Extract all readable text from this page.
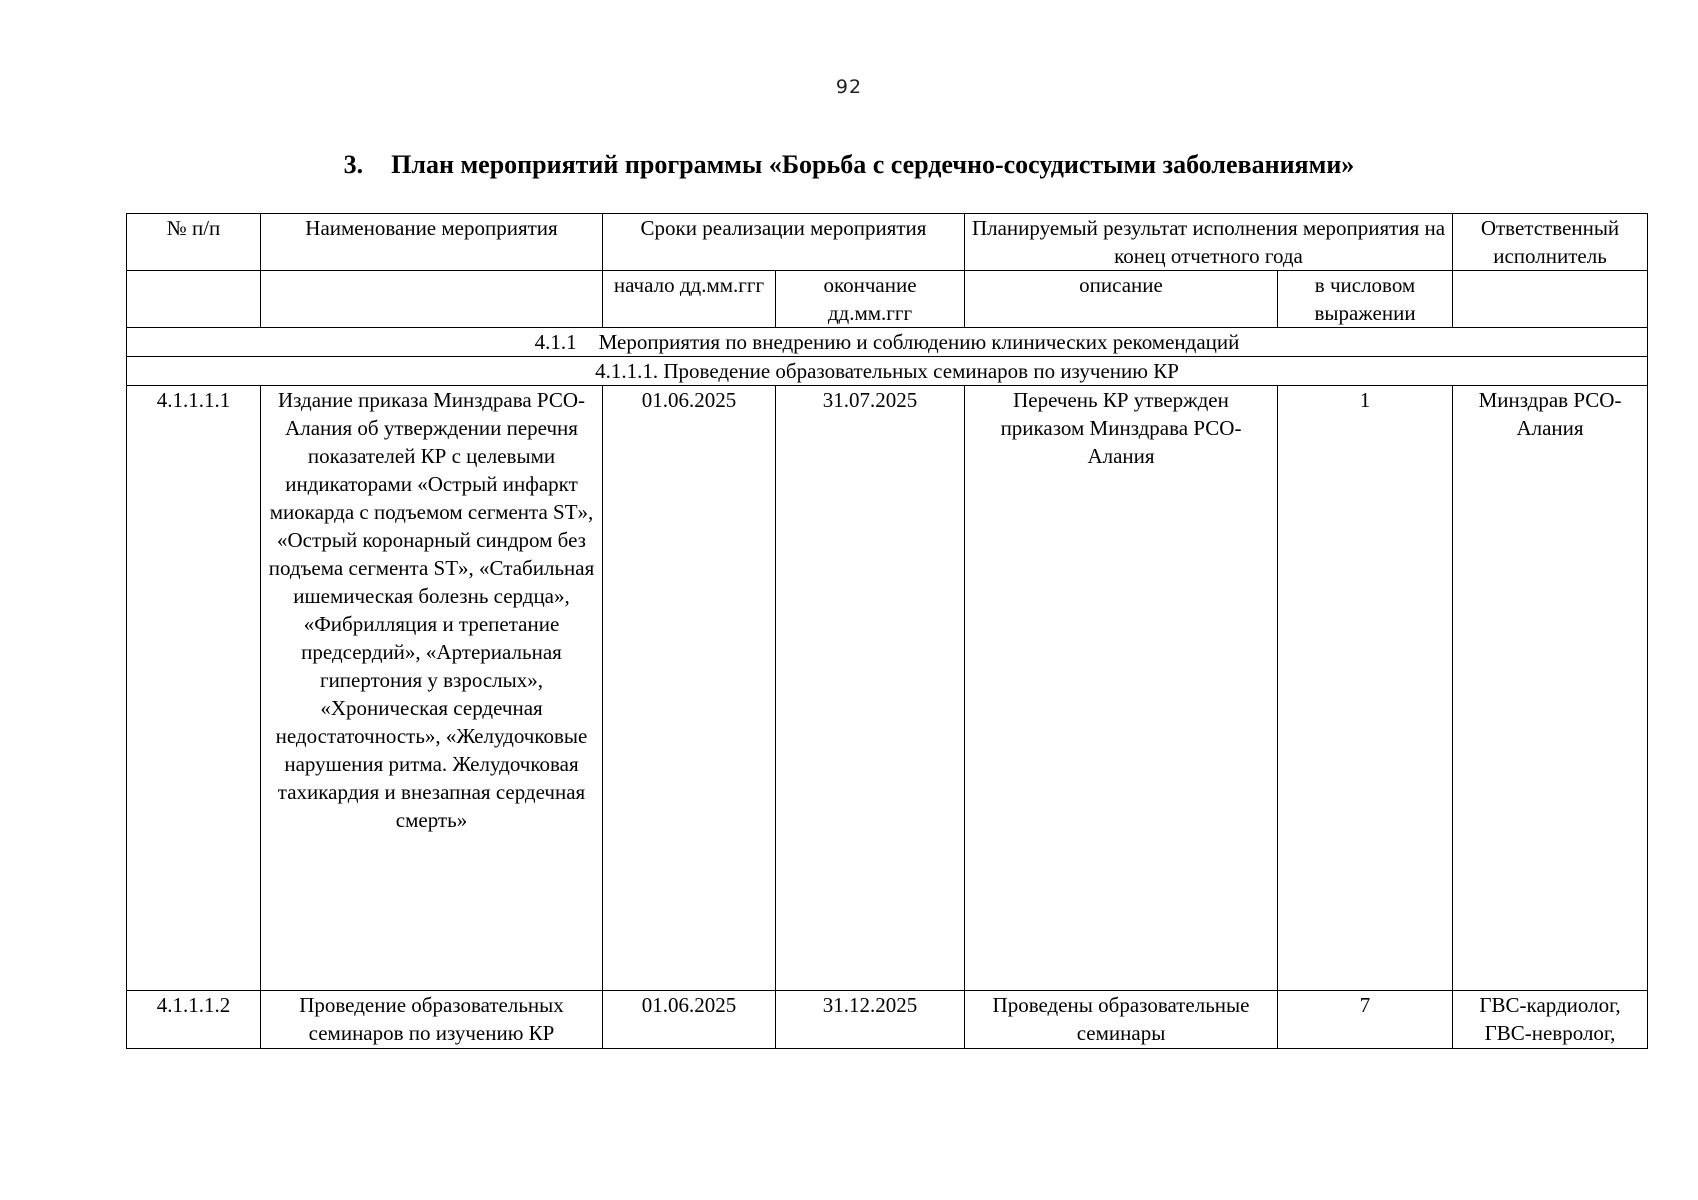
92
3. План мероприятий программы «Борьба с сердечно-сосудистыми заболеваниями»
№ п/п	Наименование мероприятия	Сроки реализации мероприятия		Планируемый результат исполнения мероприятия на конец отчетного года		Ответственный исполнитель
		начало дд.мм.ггг	окончание дд.мм.ггг	описание	в числовом выражении	
4.1.1 Мероприятия по внедрению и соблюдению клинических рекомендаций						
4.1.1.1. Проведение образовательных семинаров по изучению КР						
4.1.1.1.1	Издание приказа Минздрава РСО-Алания об утверждении перечня показателей КР с целевыми индикаторами «Острый инфаркт миокарда с подъемом сегмента ST», «Острый коронарный синдром без подъема сегмента ST», «Стабильная ишемическая болезнь сердца», «Фибрилляция и трепетание предсердий», «Артериальная гипертония у взрослых», «Хроническая сердечная недостаточность», «Желудочковые нарушения ритма. Желудочковая тахикардия и внезапная сердечная смерть»	01.06.2025	31.07.2025	Перечень КР утвержден приказом Минздрава РСО-Алания	1	Минздрав РСО-Алания
4.1.1.1.2	Проведение образовательных семинаров по изучению КР	01.06.2025	31.12.2025	Проведены образовательные семинары	7	ГВС-кардиолог, ГВС-невролог,
